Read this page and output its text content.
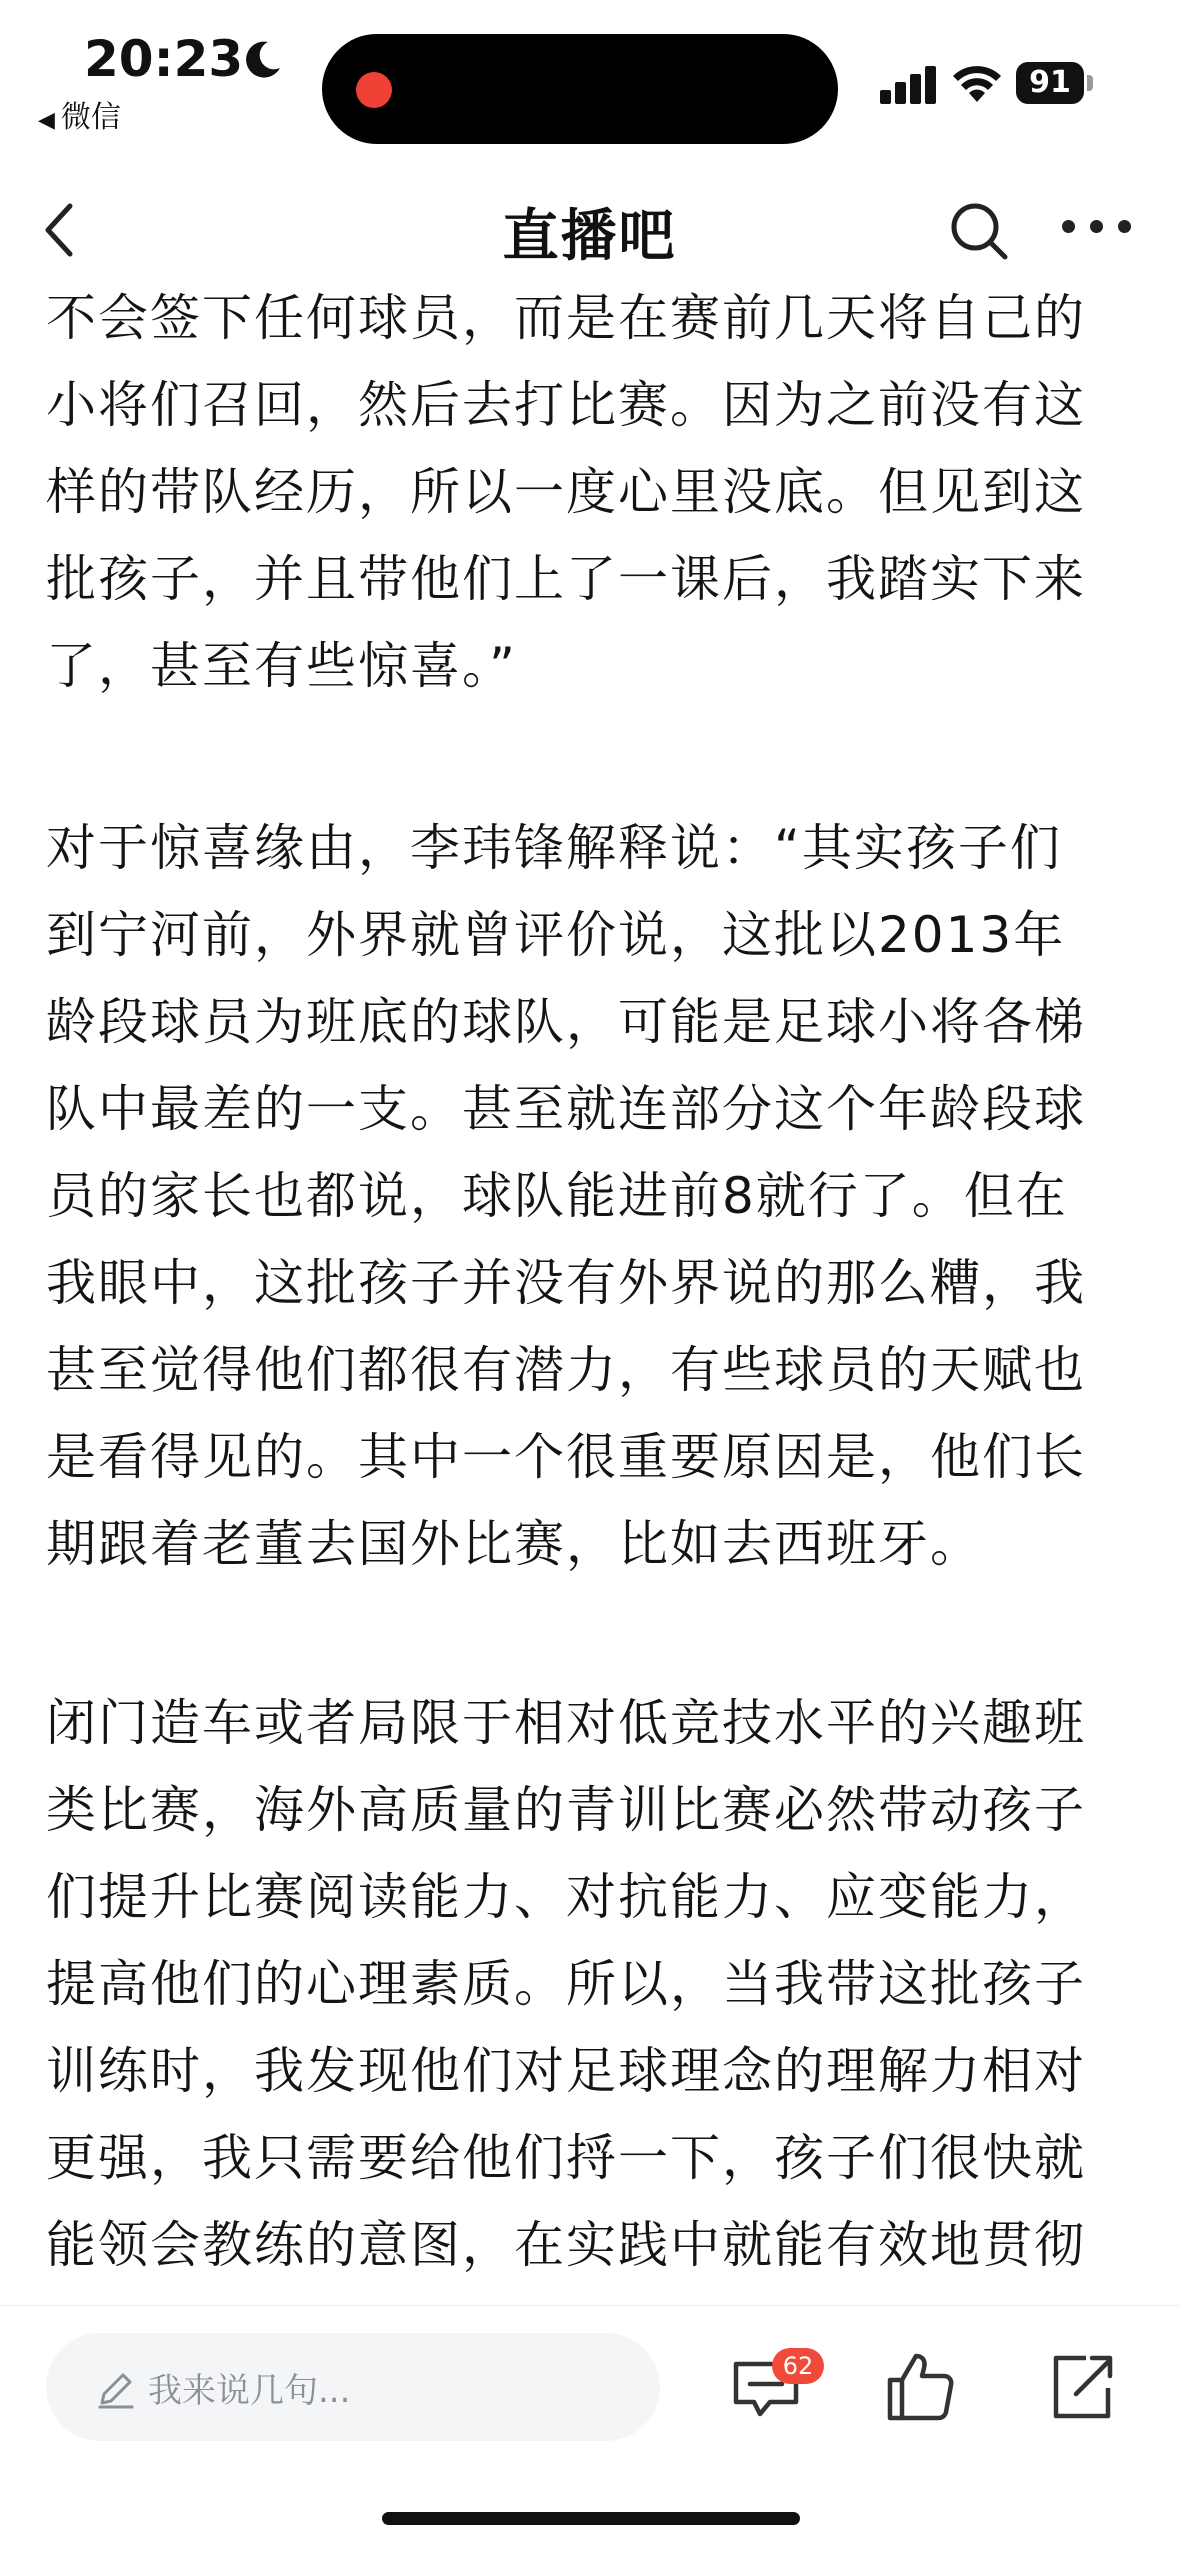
20:23
◀ 微信
91
直播吧
不会签下任何球员，而是在赛前几天将自己的
小将们召回，然后去打比赛。因为之前没有这
样的带队经历，所以一度心里没底。但见到这
批孩子，并且带他们上了一课后，我踏实下来
了，甚至有些惊喜。”
对于惊喜缘由，李玮锋解释说：“其实孩子们
到宁河前，外界就曾评价说，这批以2013年
龄段球员为班底的球队，可能是足球小将各梯
队中最差的一支。甚至就连部分这个年龄段球
员的家长也都说，球队能进前8就行了。但在
我眼中，这批孩子并没有外界说的那么糟，我
甚至觉得他们都很有潜力，有些球员的天赋也
是看得见的。其中一个很重要原因是，他们长
期跟着老董去国外比赛，比如去西班牙。
闭门造车或者局限于相对低竞技水平的兴趣班
类比赛，海外高质量的青训比赛必然带动孩子
们提升比赛阅读能力、对抗能力、应变能力，
提高他们的心理素质。所以，当我带这批孩子
训练时，我发现他们对足球理念的理解力相对
更强，我只需要给他们捋一下，孩子们很快就
能领会教练的意图，在实践中就能有效地贯彻
我来说几句...
62
